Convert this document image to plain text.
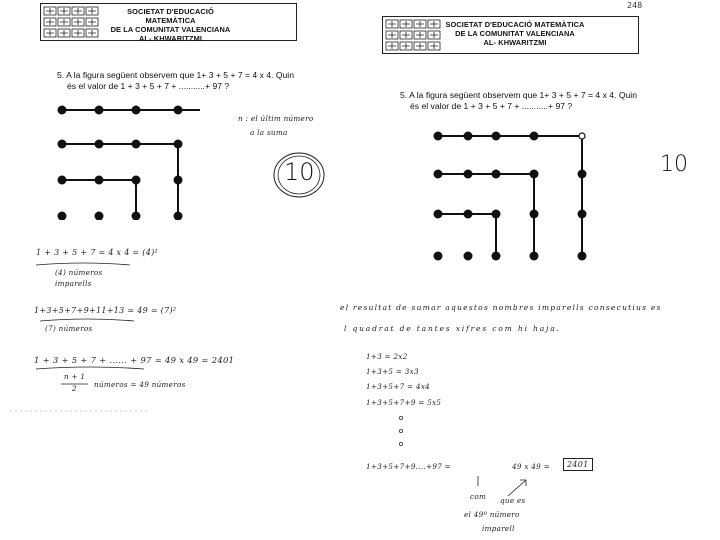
SOCIETAT D'EDUCACIÓ MATEMÀTICA
DE LA COMUNITAT VALENCIANA
AL- KHWARITZMI
5. A la figura següent observem que 1+ 3 + 5 + 7 = 4 x 4. Quin
és el valor de 1 + 3 + 5 + 7 + ...........+ 97 ?
n : el últim número
a la suma
10
1 + 3 + 5 + 7 = 4 x 4 = (4)²
(4) números
imparells
1+3+5+7+9+11+13 = 49 = (7)²
(7) números
1 + 3 + 5 + 7 + ...... + 97 = 49 x 49 = 2401
n + 1
2 números = 49 números
248
SOCIETAT D'EDUCACIÓ MATEMÀTICA
DE LA COMUNITAT VALENCIANA
AL- KHWARITZMI
5. A la figura següent observem que 1+ 3 + 5 + 7 = 4 x 4. Quin
és el valor de 1 + 3 + 5 + 7 + ...........+ 97 ?
10
el resultat de sumar aquestos nombres imparells consecutius es
l quadrat de tantes xifres com hi haja.
1+3 = 2x2
1+3+5 = 3x3
1+3+5+7 = 4x4
1+3+5+7+9 = 5x5
1+3+5+7+9....+97 =	49 x 49 =	2401
com que es
el 49º número
imparell
